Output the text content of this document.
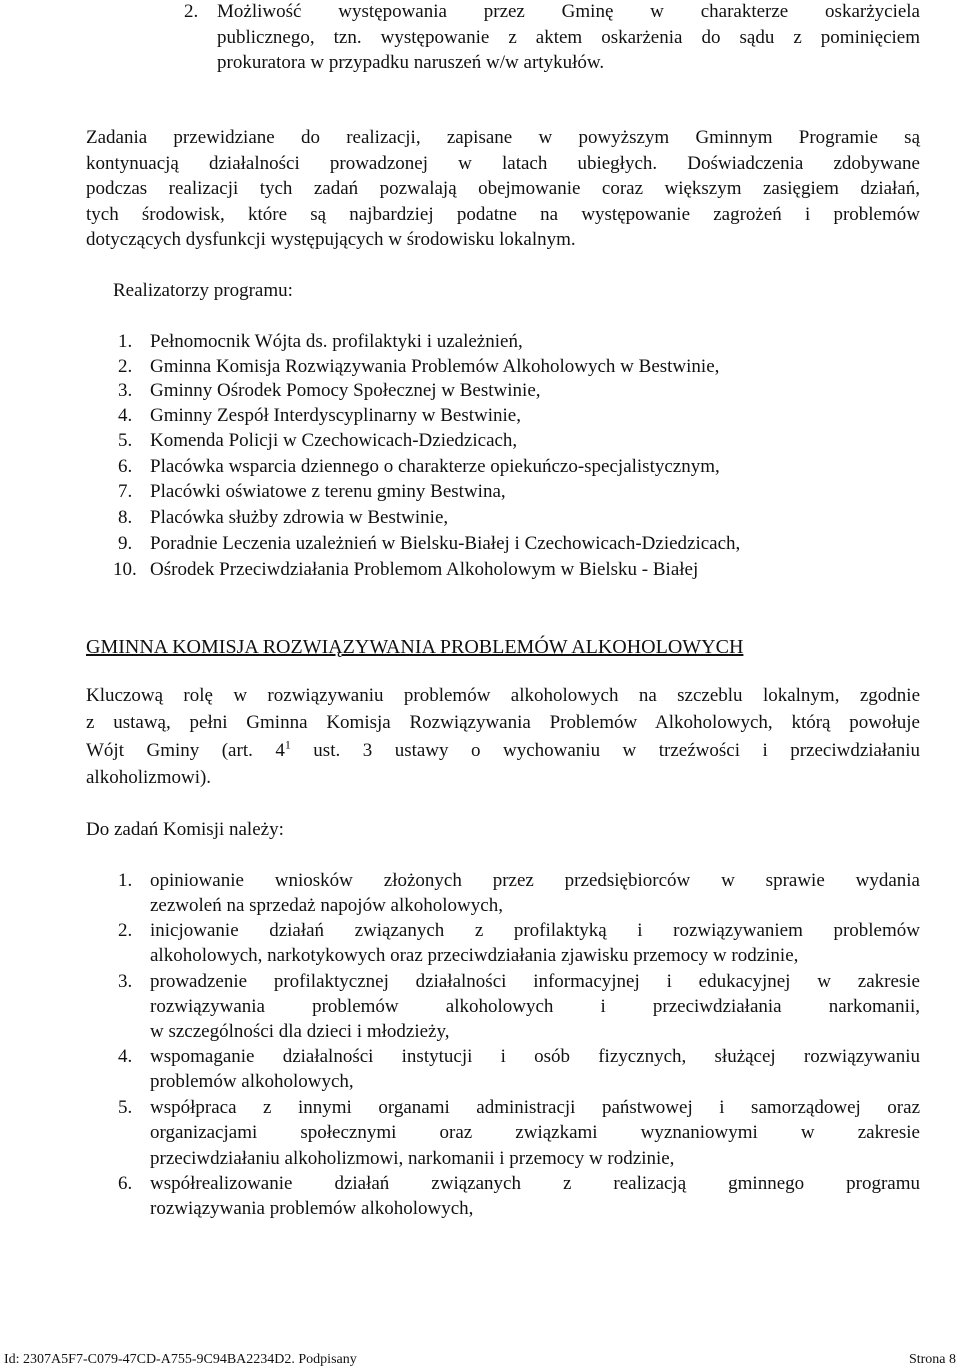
2. Możliwość występowania przez Gminę w charakterze oskarżyciela
publicznego, tzn. występowanie z aktem oskarżenia do sądu z pominięciem
prokuratora w przypadku naruszeń w/w artykułów.
Zadania przewidziane do realizacji, zapisane w powyższym Gminnym Programie są
kontynuacją działalności prowadzonej w latach ubiegłych. Doświadczenia zdobywane
podczas realizacji tych zadań pozwalają obejmowanie coraz większym zasięgiem działań,
tych środowisk, które są najbardziej podatne na występowanie zagrożeń i problemów
dotyczących dysfunkcji występujących w środowisku lokalnym.
Realizatorzy programu:
1. Pełnomocnik Wójta ds. profilaktyki i uzależnień,
2. Gminna Komisja Rozwiązywania Problemów Alkoholowych w Bestwinie,
3. Gminny Ośrodek Pomocy Społecznej w Bestwinie,
4. Gminny Zespół Interdyscyplinarny w Bestwinie,
5. Komenda Policji w Czechowicach-Dziedzicach,
6. Placówka wsparcia dziennego o charakterze opiekuńczo-specjalistycznym,
7. Placówki oświatowe z terenu gminy Bestwina,
8. Placówka służby zdrowia w Bestwinie,
9. Poradnie Leczenia uzależnień w Bielsku-Białej i Czechowicach-Dziedzicach,
10. Ośrodek Przeciwdziałania Problemom Alkoholowym w Bielsku - Białej
GMINNA KOMISJA ROZWIĄZYWANIA PROBLEMÓW ALKOHOLOWYCH
Kluczową rolę w rozwiązywaniu problemów alkoholowych na szczeblu lokalnym, zgodnie
z ustawą, pełni Gminna Komisja Rozwiązywania Problemów Alkoholowych, którą powołuje
Wójt Gminy (art. $4^1$ ust. 3 ustawy o wychowaniu w trzeźwości i przeciwdziałaniu
alkoholizmowi).
Do zadań Komisji należy:
1. opiniowanie wniosków złożonych przez przedsiębiorców w sprawie wydania
zezwoleń na sprzedaż napojów alkoholowych,
2. inicjowanie działań związanych z profilaktyką i rozwiązywaniem problemów
alkoholowych, narkotykowych oraz przeciwdziałania zjawisku przemocy w rodzinie,
3. prowadzenie profilaktycznej działalności informacyjnej i edukacyjnej w zakresie
rozwiązywania problemów alkoholowych i przeciwdziałania narkomanii,
w szczególności dla dzieci i młodzieży,
4. wspomaganie działalności instytucji i osób fizycznych, służącej rozwiązywaniu
problemów alkoholowych,
5. współpraca z innymi organami administracji państwowej i samorządowej oraz
organizacjami społecznymi oraz związkami wyznaniowymi w zakresie
przeciwdziałaniu alkoholizmowi, narkomanii i przemocy w rodzinie,
6. współrealizowanie działań związanych z realizacją gminnego programu
rozwiązywania problemów alkoholowych,
Id: 2307A5F7-C079-47CD-A755-9C94BA2234D2. Podpisany	Strona 8
